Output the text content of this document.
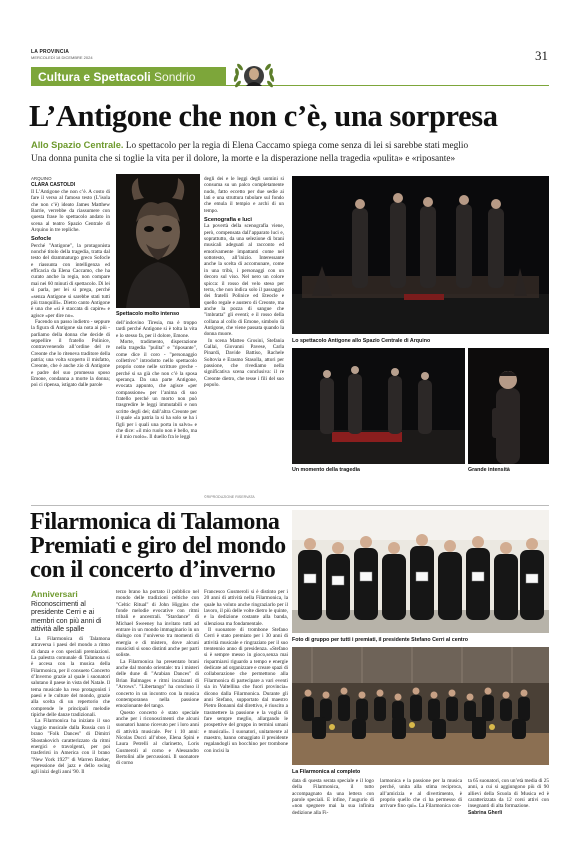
LA PROVINCIA
MERCOLEDÌ 18 DICEMBRE 2024	31
Cultura e Spettacoli Sondrio
L’Antigone che non c’è, una sorpresa
Allo Spazio Centrale. Lo spettacolo per la regia di Elena Caccamo spiega come senza di lei si sarebbe stati meglio
Una donna punita che si toglie la vita per il dolore, la morte e la disperazione nella tragedia «pulita» e «riposante»
ARQUINO
CLARA CASTOLDI

Il L’Antigone che non c’è. A costo di fare il verso al famoso testo (L’isola che non c’è) ideato James Matthew Barrie, verrebbe da riassumere con questa frase lo spettacolo andato in scena al teatro Spazio Centrale di Arquino in tre repliche.

Sofocle

Perché "Antigone", la protagonista nonché titolo della tragedia, tratta dal testo del drammaturgo greco Sofocle e riassunta con intelligenza ed efficacia da Elena Caccamo, che ha curato anche la regia, non compare mai nei 60 minuti di spettacolo. Di lei si parla, per lei si prega, perché «senza Antigone si sarebbe stati tutti più tranquilli». Dietro canto Antigone è una che «si è staccata di capire» e agisce «per dire no».

Facendo un passo indietro - seppure la figura di Antigone sia nota ai più - parliamo della donna che decide di seppellire il fratello Polinice, contravvenendo all’ordine del re Creonte che lo riteneva traditore della patria; una volta scoperto il misfatto, Creonte, che è anche zio di Antigone e padre del suo promesso sposo Emone, condanna a morte la donna; poi ci ripensa, istigato dalle parole

Spettacolo molto intenso

dell’indovino Tiresia, ma è troppo tardi perché Antigone si è tolta la vita e lo stesso fa, per il dolore, Emone.

Morte, tradimento, disperazione nella tragedia "pulita" e "riposante", come dice il coro - "personaggio collettivo" introdotto nello spettacolo proprio come nelle scritture greche - perché si sa già che non c’è la sposa sperança. Da una parte Antigone, evocata appunto, che agisce «per compassione» per l’anima di suo fratello perché un morto non può trasgredire le leggi immutabili e non scritte degli dei; dall’altra Creonte per il quale «la patria la si ha solo se ha i figli per i quali una porta in salvo» e che dice: «il mio ruolo non è bello, ma è il mio ruolo». Il duello fra le leggi

degli dei e le leggi degli uomini si consuma su un palco completamente nudo, fatto eccetto per due sedie ai lati e una struttura tubolare sul fondo che emula il tempio e archi di un tempo.

Scenografia e luci

La povertà della scenografia viene, però, compensata dall’apparato luci e, soprattutto, da una selezione di brani musicali adeguati al racconto ed emotivamente impattanti come nel sottotesto, all’inizio. Interessante anche la scelta di accomunare, come in una tribù, i personaggi con un decoro sul viso. Nel nero un colore spicca: il rosso del velo steso per terra, che non indica solo il passaggio dei fratelli Polinice ed Eteocle e quello regale e austero di Creonte, ma anche la pozza di sangue che "imbratta" gli eventi; e il rosso della collana al collo di Emone, simbolo di Antigone, che viene passata quando la donna muore.

In scena Matteo Grosini, Stefania Gallai, Giovanni Pavese, Carla Pinardi, Davide Battiso, Rachele Soltovia e Erasmo Stasolla, attori per passione, che rivediamo nella significativa scena conclusiva: il re Creonte dietro, che tesse i fili del suo popolo.

©RIPRODUZIONE RISERVATA
Lo spettacolo Antigone allo Spazio Centrale di Arquino
Un momento della tragedia	Grande intensità
Filarmonica di Talamona
Premiati e giro del mondo
con il concerto d’inverno
Anniversari
Riconoscimenti al presidente Cerri e ai membri con più anni di attività alle spalle

La Filarmonica di Talamona attraversa i paesi del mondo a ritmo di danza e con speciali premiazioni. La palestra comunale di Talamona si è accesa con la musica della Filarmonica, per il consueto Concerto d’Inverno grazie al quale i suonatori salutano il paese in vista del Natale. Il tema musicale ha reso protagonisti i paesi e le culture del mondo, grazie alla scelta di un repertorio che comprende le principali melodie tipiche delle danze tradizionali.

La Filarmonica ha iniziato il suo viaggio musicale dalla Russia con il brano "Folk Dances" di Dimitri Shostakovich caratterizzato da ritmi energici e travolgenti, per poi trasferirsi in America con il brano "New York 1927" di Warren Barker, espressione del jazz e dello swing agli inizi degli anni '90. Il

terzo brano ha portato il pubblico nel mondo delle tradizioni celtiche con "Celtic Ritual" di John Higgins che fonde melodie evocative con ritmi tribali e ancestrali. "Stardance" di Michael Sweeney ha invitato tutti ad entrare in un mondo immaginario in un dialogo con l’universo tra momenti di energia e di mistero, dove alcuni musicisti si sono distinti anche per parti soliste.

La Filarmonica ha presentato brani anche dal mondo orientale: tra i misteri delle dune di "Arabian Dances" di Brian Balmages e ritmi incalzanti di "Arrows". "Libertango" ha concluso il concerto in un incontro con la musica contemporanea nella passione emozionante del tango.

Questo concerto è stato speciale anche per i riconoscimenti che alcuni suonatori hanno ricevuto per i loro anni di attività musicale. Per i 10 anni: Nicolas Ducci all’oboe, Elena Spini e Laura Petrelli al clarinetto, Loris Gusmeroli al corno e Alessandro Bertolini alle percussioni. Il suonatore di corno

Francesco Gusmeroli si è distinto per i 20 anni di attività nella Filarmonica, la quale ha voluto anche ringraziarlo per il lavoro, il più delle volte dietro le quinte, e la dedizione costante alla banda, silenziosa ma fondamentale.

Il suonatore di trombone Stefano Cerri è stato premiato per i 30 anni di attività musicale e ringraziato per il suo trentennio anno di presidenza. «Stefano si è sempre messo in gioco,senza mai risparmiarsi riguardo a tempo e energie dedicate ad organizzare e creare spazi di collaborazione che permettono alla Filarmonica di partecipare a vari eventi sia in Valtellina che fuori provincia» dicono dalla Filarmonica. Durante gli anni Stefano, supportato dal maestro Pietro Bonanni dal direttivo, è riuscito a trasmettere la passione e la voglia di fare sempre meglio, allargando le prospettive del gruppo in termini umani e musicali». I suonatori, unitamente al maestro, hanno omaggiato il presidente regalandogli un bocchino per trombone con incisi la

Foto di gruppo per tutti i premiati, il presidente Stefano Cerri al centro
La Filarmonica al completo

data di questa serata speciale e il logo della Filarmonica, il tutto accompagnato da una lettera con parole speciali. E infine, l’augurio di «non spegnere mai la sua infinita dedizione alla Fi-

larmonica e la passione per la musica perché, unita alla stima reciproca, all’amicizia e al divertimento, è proprio quello che ci ha permesso di arrivare fino qui». La Filarmonica con-

ta 65 suonatori, con un’età media di 25 anni, a cui si aggiungono più di 90 allievi della Scuola di Musica ed è caratterizzata da 12 corsi attivi con insegnanti di alta formazione.

Sabrina Gherli
